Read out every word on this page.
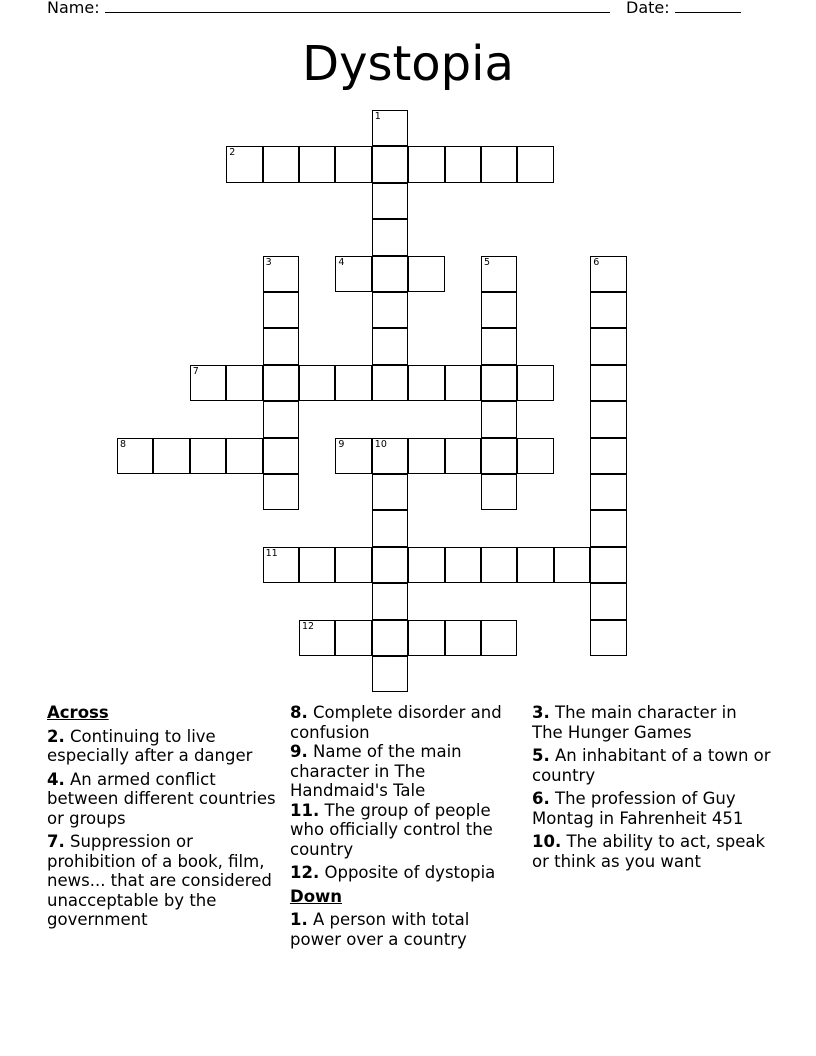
Name:	Date:
Dystopia
1
2
3	4	5	6
7
8	9	10
11
12
Across
2. Continuing to live especially after a danger
4. An armed conflict between different countries or groups
7. Suppression or prohibition of a book, film, news... that are considered unacceptable by the government
8. Complete disorder and confusion
9. Name of the main character in The Handmaid's Tale
11. The group of people who officially control the country
12. Opposite of dystopia
Down
1. A person with total power over a country
3. The main character in The Hunger Games
5. An inhabitant of a town or country
6. The profession of Guy Montag in Fahrenheit 451
10. The ability to act, speak or think as you want
